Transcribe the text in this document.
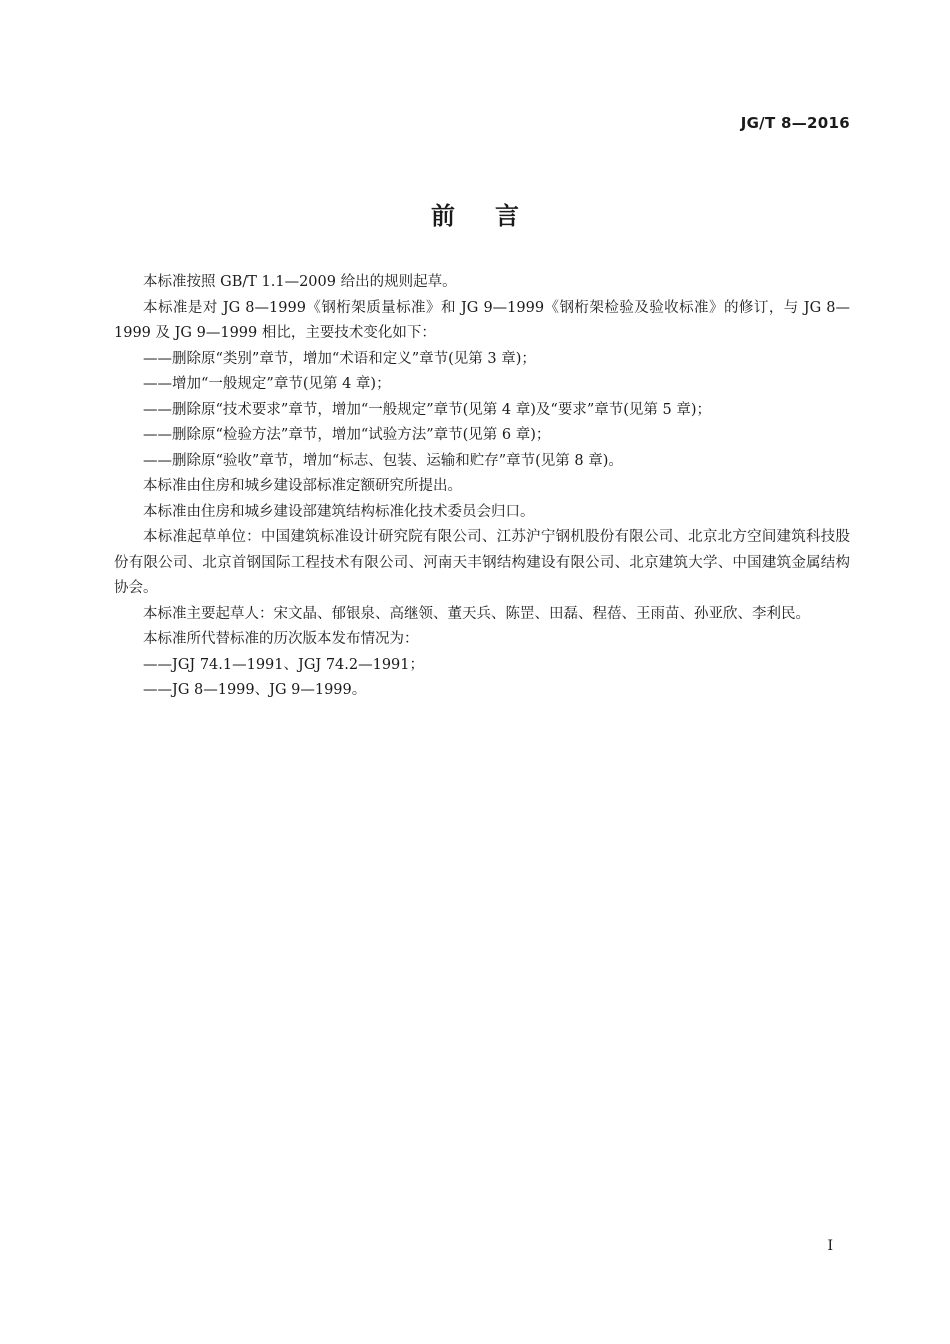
JG/T 8—2016
前言

本标准按照 GB/T 1.1—2009 给出的规则起草。

本标准是对 JG 8—1999《钢桁架质量标准》和 JG 9—1999《钢桁架检验及验收标准》的修订，与 JG 8—1999 及 JG 9—1999 相比，主要技术变化如下：

——删除原“类别”章节，增加“术语和定义”章节(见第 3 章)；

——增加“一般规定”章节(见第 4 章)；

——删除原“技术要求”章节，增加“一般规定”章节(见第 4 章)及“要求”章节(见第 5 章)；

——删除原“检验方法”章节，增加“试验方法”章节(见第 6 章)；

——删除原“验收”章节，增加“标志、包装、运输和贮存”章节(见第 8 章)。

本标准由住房和城乡建设部标准定额研究所提出。

本标准由住房和城乡建设部建筑结构标准化技术委员会归口。

本标准起草单位：中国建筑标准设计研究院有限公司、江苏沪宁钢机股份有限公司、北京北方空间建筑科技股份有限公司、北京首钢国际工程技术有限公司、河南天丰钢结构建设有限公司、北京建筑大学、中国建筑金属结构协会。

本标准主要起草人：宋文晶、郁银泉、高继领、董天兵、陈罡、田磊、程蓓、王雨苗、孙亚欣、李利民。

本标准所代替标准的历次版本发布情况为：

——JGJ 74.1—1991、JGJ 74.2—1991；

——JG 8—1999、JG 9—1999。

I
